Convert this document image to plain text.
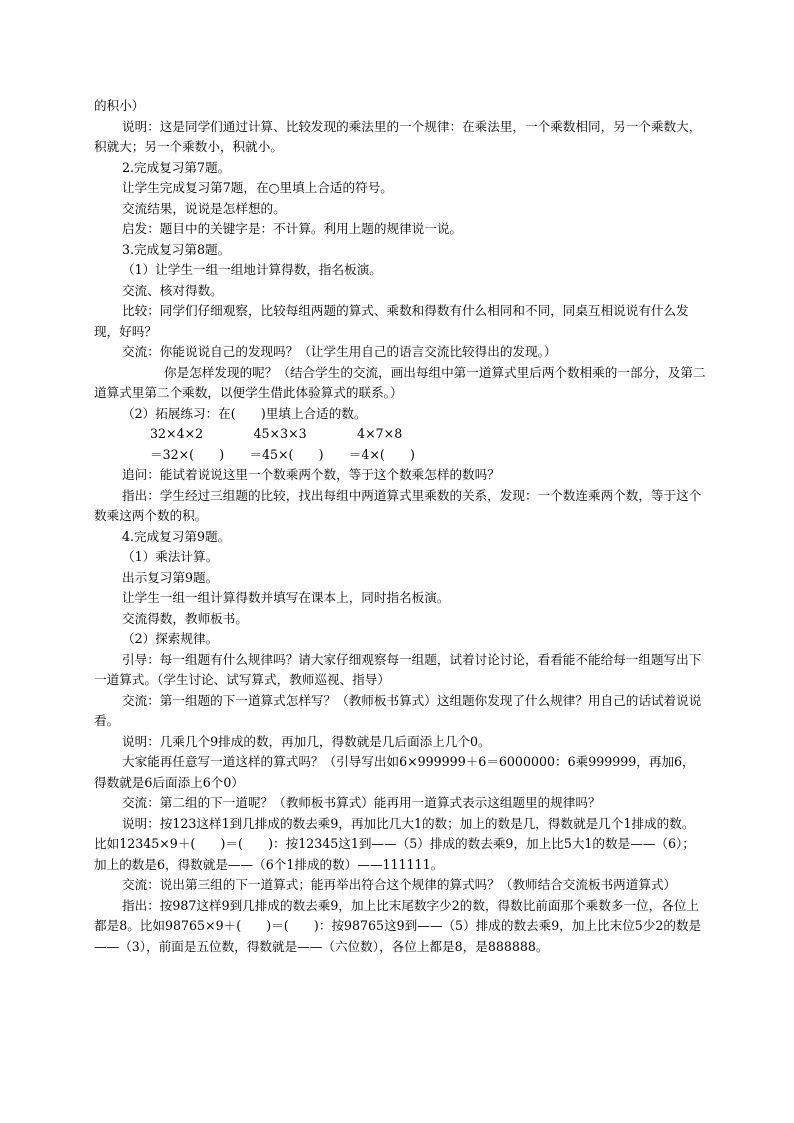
的积小）

说明：这是同学们通过计算、比较发现的乘法里的一个规律：在乘法里，一个乘数相同，另一个乘数大，积就大；另一个乘数小，积就小。

2.完成复习第7题。

让学生完成复习第7题，在○里填上合适的符号。

交流结果，说说是怎样想的。

启发：题目中的关键字是：不计算。利用上题的规律说一说。

3.完成复习第8题。

（1）让学生一组一组地计算得数，指名板演。

交流、核对得数。

比较：同学们仔细观察，比较每组两题的算式、乘数和得数有什么相同和不同，同桌互相说说有什么发现，好吗？

交流：你能说说自己的发现吗？（让学生用自己的语言交流比较得出的发现。）

你是怎样发现的呢？（结合学生的交流，画出每组中第一道算式里后两个数相乘的一部分，及第二道算式里第二个乘数，以便学生借此体验算式的联系。）

（2）拓展练习：在(　　)里填上合适的数。

32×4×2　　　　45×3×3　　　　4×7×8

＝32×(　　)　　＝45×(　　)　　＝4×(　　)

追问：能试着说说这里一个数乘两个数，等于这个数乘怎样的数吗？

指出：学生经过三组题的比较，找出每组中两道算式里乘数的关系，发现：一个数连乘两个数，等于这个数乘这两个数的积。

4.完成复习第9题。

（1）乘法计算。

出示复习第9题。

让学生一组一组计算得数并填写在课本上，同时指名板演。

交流得数，教师板书。

（2）探索规律。

引导：每一组题有什么规律吗？请大家仔细观察每一组题，试着讨论讨论，看看能不能给每一组题写出下一道算式。（学生讨论、试写算式，教师巡视、指导）

交流：第一组题的下一道算式怎样写？（教师板书算式）这组题你发现了什么规律？用自己的话试着说说看。

说明：几乘几个9排成的数，再加几，得数就是几后面添上几个0。

大家能再任意写一道这样的算式吗？（引导写出如6×999999＋6＝6000000：6乘999999，再加6，得数就是6后面添上6个0）

交流：第二组的下一道呢？（教师板书算式）能再用一道算式表示这组题里的规律吗？

说明：按123这样1到几排成的数去乘9，再加比几大1的数；加上的数是几，得数就是几个1排成的数。比如12345×9＋(　　)＝(　　)：按12345这1到——（5）排成的数去乘9，加上比5大1的数是——（6）；加上的数是6，得数就是——（6个1排成的数）——111111。

交流：说出第三组的下一道算式；能再举出符合这个规律的算式吗？（教师结合交流板书两道算式）

指出：按987这样9到几排成的数去乘9，加上比末尾数字少2的数，得数比前面那个乘数多一位，各位上都是8。比如98765×9＋(　　)＝(　　)：按98765这9到——（5）排成的数去乘9，加上比末位5少2的数是——（3），前面是五位数，得数就是——（六位数），各位上都是8，是888888。
